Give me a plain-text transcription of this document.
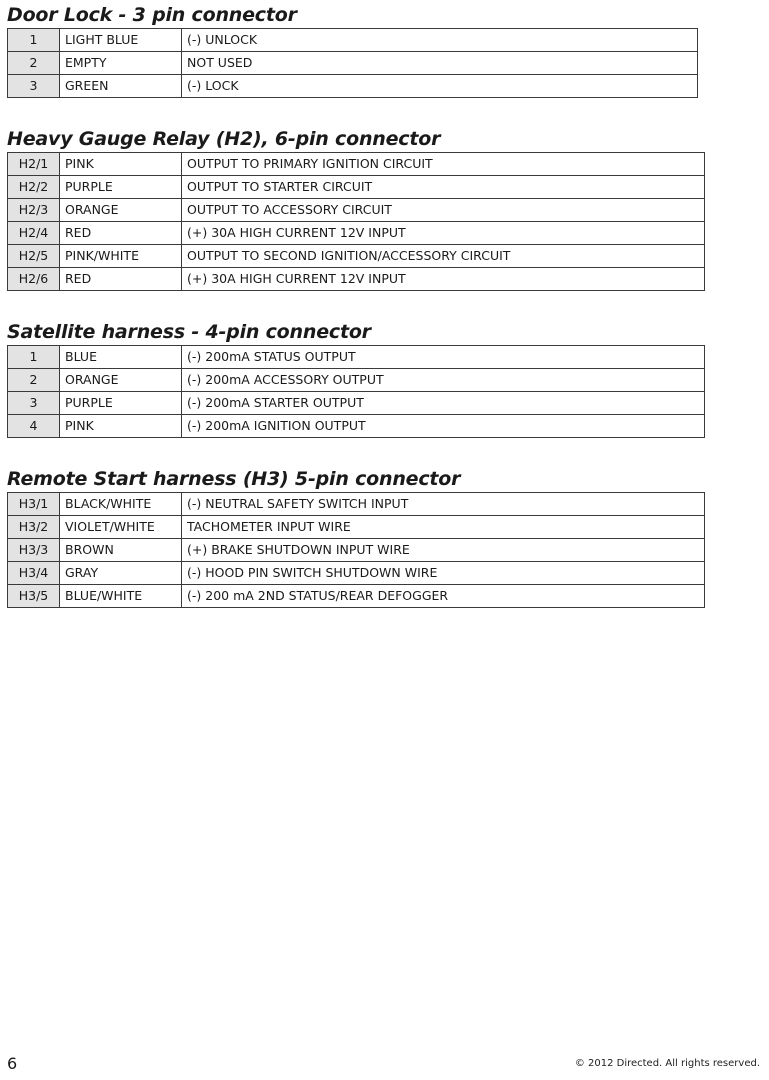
Door Lock - 3 pin connector
1	LIGHT BLUE	(-) UNLOCK
2	EMPTY	NOT USED
3	GREEN	(-) LOCK
Heavy Gauge Relay (H2), 6-pin connector
H2/1	PINK	OUTPUT TO PRIMARY IGNITION CIRCUIT
H2/2	PURPLE	OUTPUT TO STARTER CIRCUIT
H2/3	ORANGE	OUTPUT TO ACCESSORY CIRCUIT
H2/4	RED	(+) 30A HIGH CURRENT 12V INPUT
H2/5	PINK/WHITE	OUTPUT TO SECOND IGNITION/ACCESSORY CIRCUIT
H2/6	RED	(+) 30A HIGH CURRENT 12V INPUT
Satellite harness - 4-pin connector
1	BLUE	(-) 200mA STATUS OUTPUT
2	ORANGE	(-) 200mA ACCESSORY OUTPUT
3	PURPLE	(-) 200mA STARTER OUTPUT
4	PINK	(-) 200mA IGNITION OUTPUT
Remote Start harness (H3) 5-pin connector
H3/1	BLACK/WHITE	(-) NEUTRAL SAFETY SWITCH INPUT
H3/2	VIOLET/WHITE	TACHOMETER INPUT WIRE
H3/3	BROWN	(+) BRAKE SHUTDOWN INPUT WIRE
H3/4	GRAY	(-) HOOD PIN SWITCH SHUTDOWN WIRE
H3/5	BLUE/WHITE	(-) 200 mA 2ND STATUS/REAR DEFOGGER
6	© 2012 Directed. All rights reserved.
